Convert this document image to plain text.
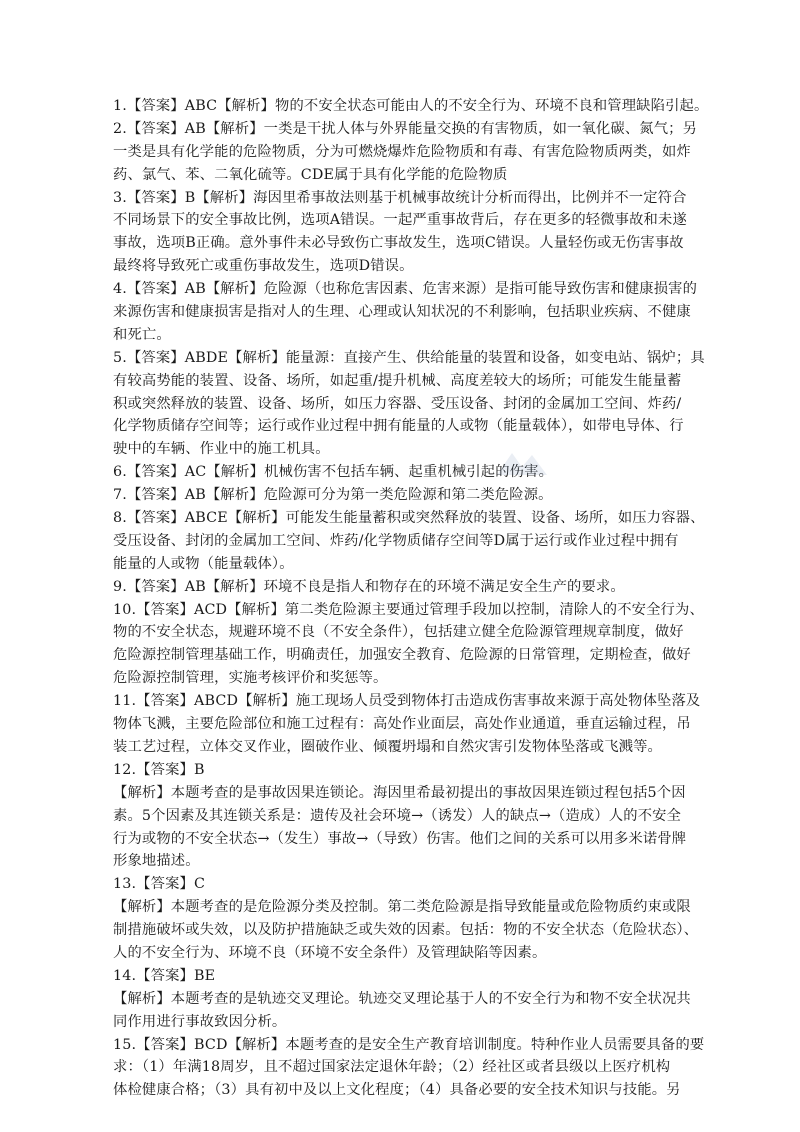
1.【答案】ABC【解析】物的不安全状态可能由人的不安全行为、环境不良和管理缺陷引起。
2.【答案】AB【解析】一类是干扰人体与外界能量交换的有害物质，如一氧化碳、氮气；另
一类是具有化学能的危险物质，分为可燃烧爆炸危险物质和有毒、有害危险物质两类，如炸
药、氯气、苯、二氧化硫等。CDE属于具有化学能的危险物质
3.【答案】B【解析】海因里希事故法则基于机械事故统计分析而得出，比例并不一定符合
不同场景下的安全事故比例，选项A错误。一起严重事故背后，存在更多的轻微事故和未遂
事故，选项B正确。意外事件未必导致伤亡事故发生，选项C错误。人量轻伤或无伤害事故
最终将导致死亡或重伤事故发生，选项D错误。
4.【答案】AB【解析】危险源（也称危害因素、危害来源）是指可能导致伤害和健康损害的
来源伤害和健康损害是指对人的生理、心理或认知状况的不利影响，包括职业疾病、不健康
和死亡。
5.【答案】ABDE【解析】能量源：直接产生、供给能量的装置和设备，如变电站、锅炉；具
有较高势能的装置、设备、场所，如起重/提升机械、高度差较大的场所；可能发生能量蓄
积或突然释放的装置、设备、场所，如压力容器、受压设备、封闭的金属加工空间、炸药/
化学物质储存空间等；运行或作业过程中拥有能量的人或物（能量载体），如带电导体、行
驶中的车辆、作业中的施工机具。
6.【答案】AC【解析】机械伤害不包括车辆、起重机械引起的伤害。
7.【答案】AB【解析】危险源可分为第一类危险源和第二类危险源。
8.【答案】ABCE【解析】可能发生能量蓄积或突然释放的装置、设备、场所，如压力容器、
受压设备、封闭的金属加工空间、炸药/化学物质储存空间等D属于运行或作业过程中拥有
能量的人或物（能量载体）。
9.【答案】AB【解析】环境不良是指人和物存在的环境不满足安全生产的要求。
10.【答案】ACD【解析】第二类危险源主要通过管理手段加以控制，清除人的不安全行为、
物的不安全状态，规避环境不良（不安全条件），包括建立健全危险源管理规章制度，做好
危险源控制管理基础工作，明确责任，加强安全教育、危险源的日常管理，定期检查，做好
危险源控制管理，实施考核评价和奖惩等。
11.【答案】ABCD【解析】施工现场人员受到物体打击造成伤害事故来源于高处物体坠落及
物体飞溅，主要危险部位和施工过程有：高处作业面层，高处作业通道，垂直运输过程，吊
装工艺过程，立体交叉作业，圈破作业、倾覆坍塌和自然灾害引发物体坠落或飞溅等。
12.【答案】B
【解析】本题考查的是事故因果连锁论。海因里希最初提出的事故因果连锁过程包括5个因
素。5个因素及其连锁关系是：遗传及社会环境→（诱发）人的缺点→（造成）人的不安全
行为或物的不安全状态→（发生）事故→（导致）伤害。他们之间的关系可以用多米诺骨牌
形象地描述。
13.【答案】C
【解析】本题考查的是危险源分类及控制。第二类危险源是指导致能量或危险物质约束或限
制措施破坏或失效，以及防护措施缺乏或失效的因素。包括：物的不安全状态（危险状态）、
人的不安全行为、环境不良（环境不安全条件）及管理缺陷等因素。
14.【答案】BE
【解析】本题考查的是轨迹交叉理论。轨迹交叉理论基于人的不安全行为和物不安全状况共
同作用进行事故致因分析。
15.【答案】BCD【解析】本题考查的是安全生产教育培训制度。特种作业人员需要具备的要
求：（1）年满18周岁，且不超过国家法定退休年龄；（2）经社区或者县级以上医疗机构
体检健康合格；（3）具有初中及以上文化程度；（4）具备必要的安全技术知识与技能。另
